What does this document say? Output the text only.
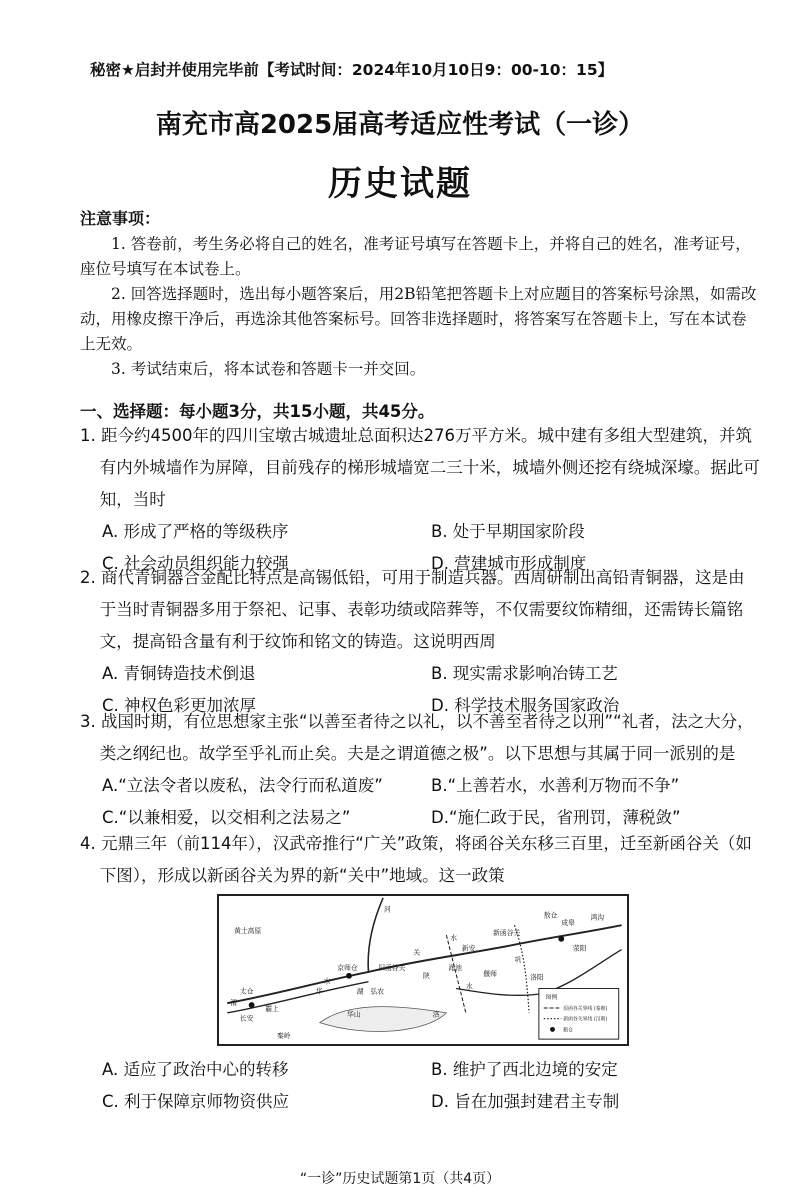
秘密★启封并使用完毕前【考试时间：2024年10月10日9：00-10：15】
南充市高2025届高考适应性考试（一诊）
历史试题
注意事项：

1. 答卷前，考生务必将自己的姓名，准考证号填写在答题卡上，并将自己的姓名，准考证号，座位号填写在本试卷上。

2. 回答选择题时，选出每小题答案后，用2B铅笔把答题卡上对应题目的答案标号涂黑，如需改动，用橡皮擦干净后，再选涂其他答案标号。回答非选择题时，将答案写在答题卡上，写在本试卷上无效。

3. 考试结束后，将本试卷和答题卡一并交回。

一、选择题：每小题3分，共15小题，共45分。
1. 距今约4500年的四川宝墩古城遗址总面积达276万平方米。城中建有多组大型建筑，并筑有内外城墙作为屏障，目前残存的梯形城墙宽二三十米，城墙外侧还挖有绕城深壕。据此可知，当时
A. 形成了严格的等级秩序	B. 处于早期国家阶段
C. 社会动员组织能力较强	D. 营建城市形成制度
2. 商代青铜器合金配比特点是高锡低铅，可用于制造兵器。西周研制出高铅青铜器，这是由于当时青铜器多用于祭祀、记事、表彰功绩或陪葬等，不仅需要纹饰精细，还需铸长篇铭文，提高铅含量有利于纹饰和铭文的铸造。这说明西周
A. 青铜铸造技术倒退	B. 现实需求影响冶铸工艺
C. 神权色彩更加浓厚	D. 科学技术服务国家政治
3. 战国时期，有位思想家主张“以善至者待之以礼，以不善至者待之以刑”“礼者，法之大分，类之纲纪也。故学至乎礼而止矣。夫是之谓道德之极”。以下思想与其属于同一派别的是
A.“立法令者以废私，法令行而私道废”	B.“上善若水，水善利万物而不争”
C.“以兼相爱，以交相利之法易之”	D.“施仁政于民，省刑罚，薄税敛”
4. 元鼎三年（前114年），汉武帝推行“广关”政策，将函谷关东移三百里，迁至新函谷关（如下图），形成以新函谷关为界的新“关中”地域。这一政策
黄土高原
河
水
水
水
新函谷关
旧函谷关
京师仓
太仓
长安
霸上
渭
华	湖 弘农
陕
渑池
新安
偃师	洛阳
巩
成皋
荥阳
敖仓	鸿沟
华山	洛
秦岭
关
图例
原函谷关界线 (秦朝)
新函谷关界线 (汉朝)
粮仓
A. 适应了政治中心的转移	B. 维护了西北边境的安定
C. 利于保障京师物资供应	D. 旨在加强封建君主专制
“一诊”历史试题第1页（共4页）
